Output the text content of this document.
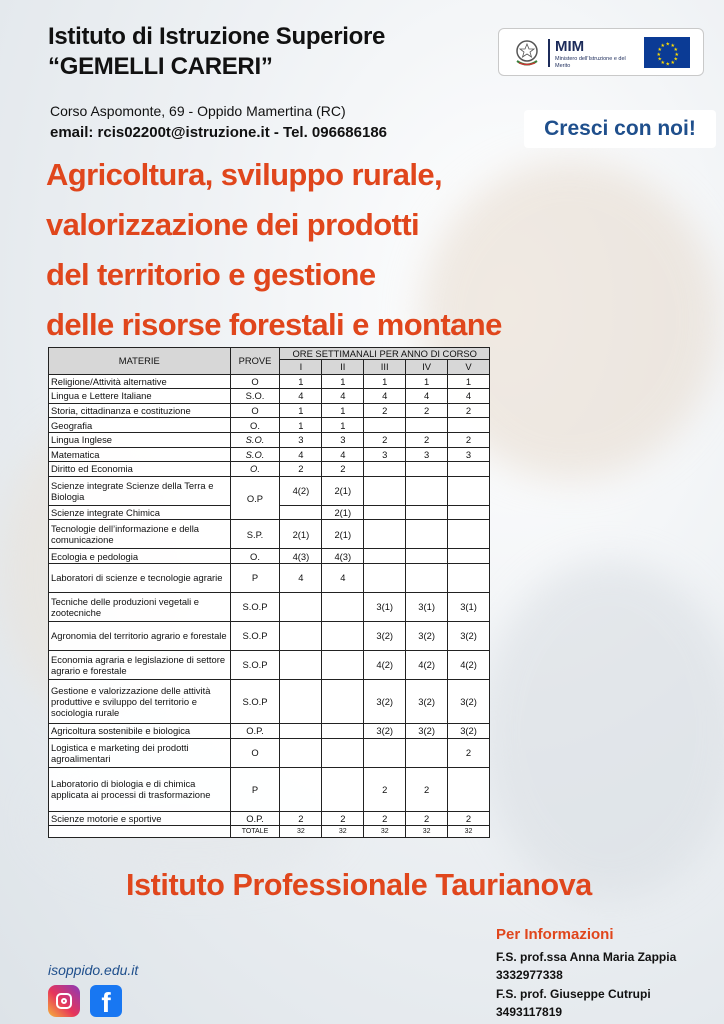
Istituto di Istruzione Superiore
“GEMELLI CARERI”
Corso Aspomonte, 69 - Oppido Mamertina (RC)
email: rcis02200t@istruzione.it - Tel. 096686186
MIM
Ministero dell'Istruzione e del Merito
★ ★
★
★
★
★
★
★
★
★
★
★
Cresci con noi!
Agricoltura, sviluppo rurale,
valorizzazione dei prodotti
del territorio e gestione
delle risorse forestali e montane
MATERIE	PROVE	ORE SETTIMANALI PER ANNO DI CORSO				
		I	II	III	IV	V
Religione/Attività alternative	O	1	1	1	1	1
Lingua e Lettere Italiane	S.O.	4	4	4	4	4
Storia, cittadinanza e costituzione	O	1	1	2	2	2
Geografia	O.	1	1			
Lingua Inglese	S.O.	3	3	2	2	2
Matematica	S.O.	4	4	3	3	3
Diritto ed Economia	O.	2	2			
Scienze integrate Scienze della Terra e Biologia	O.P	4(2)	2(1)			
Scienze integrate Chimica			2(1)			
Tecnologie dell’informazione e della comunicazione	S.P.	2(1)	2(1)			
Ecologia e pedologia	O.	4(3)	4(3)			
Laboratori di scienze e tecnologie agrarie	P	4	4			
Tecniche delle produzioni vegetali e zootecniche	S.O.P			3(1)	3(1)	3(1)
Agronomia del territorio agrario e forestale	S.O.P			3(2)	3(2)	3(2)
Economia agraria e legislazione di settore agrario e forestale	S.O.P			4(2)	4(2)	4(2)
Gestione e valorizzazione delle attività produttive e sviluppo del territorio e sociologia rurale	S.O.P			3(2)	3(2)	3(2)
Agricoltura sostenibile e biologica	O.P.			3(2)	3(2)	3(2)
Logistica e marketing dei prodotti agroalimentari	O					2
Laboratorio di biologia e di chimica applicata ai processi di trasformazione	P			2	2	
Scienze motorie e sportive	O.P.	2	2	2	2	2
	TOTALE	32	32	32	32	32
Istituto Professionale Taurianova
Per Informazioni
F.S. prof.ssa Anna Maria Zappia
3332977338
F.S. prof. Giuseppe Cutrupi
3493117819
isoppido.edu.it
f
